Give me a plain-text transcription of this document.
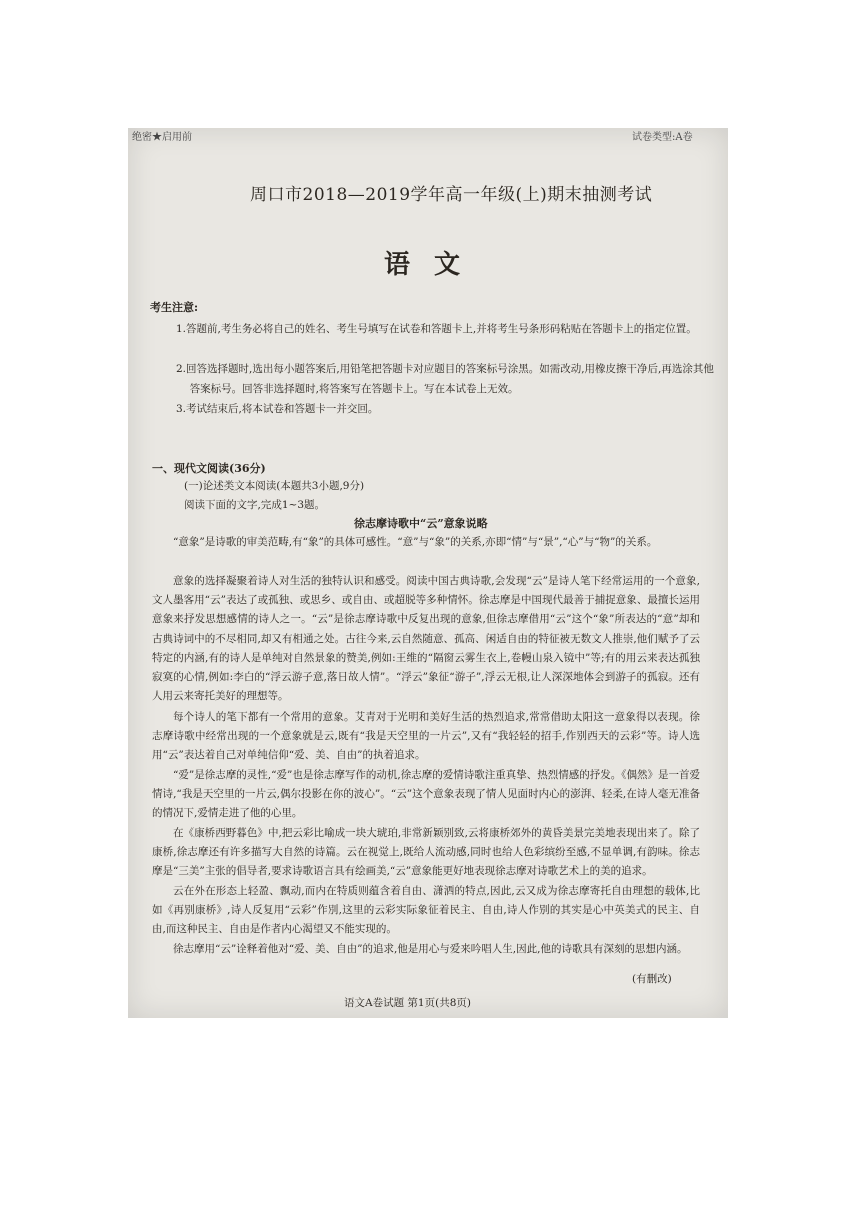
绝密★启用前	试卷类型:A卷
周口市2018—2019学年高一年级(上)期末抽测考试
语文
考生注意:
1.答题前,考生务必将自己的姓名、考生号填写在试卷和答题卡上,并将考生号条形码粘贴在答题卡上的指定位置。
2.回答选择题时,选出每小题答案后,用铅笔把答题卡对应题目的答案标号涂黑。如需改动,用橡皮擦干净后,再选涂其他答案标号。回答非选择题时,将答案写在答题卡上。写在本试卷上无效。
3.考试结束后,将本试卷和答题卡一并交回。
一、现代文阅读(36分)
(一)论述类文本阅读(本题共3小题,9分)
阅读下面的文字,完成1~3题。
徐志摩诗歌中“云”意象说略
“意象”是诗歌的审美范畴,有“象”的具体可感性。“意”与“象”的关系,亦即“情”与“景”,“心”与“物”的关系。
意象的选择凝聚着诗人对生活的独特认识和感受。阅读中国古典诗歌,会发现“云”是诗人笔下经常运用的一个意象,文人墨客用“云”表达了或孤独、或思乡、或自由、或超脱等多种情怀。徐志摩是中国现代最善于捕捉意象、最擅长运用意象来抒发思想感情的诗人之一。“云”是徐志摩诗歌中反复出现的意象,但徐志摩借用“云”这个“象”所表达的“意”却和古典诗词中的不尽相同,却又有相通之处。古往今来,云自然随意、孤高、闲适自由的特征被无数文人推崇,他们赋予了云特定的内涵,有的诗人是单纯对自然景象的赞美,例如:王维的“隔窗云雾生衣上,卷幔山泉入镜中”等;有的用云来表达孤独寂寞的心情,例如:李白的“浮云游子意,落日故人情”。“浮云”象征“游子”,浮云无根,让人深深地体会到游子的孤寂。还有人用云来寄托美好的理想等。
每个诗人的笔下都有一个常用的意象。艾青对于光明和美好生活的热烈追求,常常借助太阳这一意象得以表现。徐志摩诗歌中经常出现的一个意象就是云,既有“我是天空里的一片云”,又有“我轻轻的招手,作别西天的云彩”等。诗人选用“云”表达着自己对单纯信仰“爱、美、自由”的执着追求。
“爱”是徐志摩的灵性,“爱”也是徐志摩写作的动机,徐志摩的爱情诗歌注重真挚、热烈情感的抒发。《偶然》是一首爱情诗,“我是天空里的一片云,偶尔投影在你的波心”。“云”这个意象表现了情人见面时内心的澎湃、轻柔,在诗人毫无准备的情况下,爱情走进了他的心里。
在《康桥西野暮色》中,把云彩比喻成一块大琥珀,非常新颖别致,云将康桥郊外的黄昏美景完美地表现出来了。除了康桥,徐志摩还有许多描写大自然的诗篇。云在视觉上,既给人流动感,同时也给人色彩缤纷至感,不显单调,有韵味。徐志摩是“三美”主张的倡导者,要求诗歌语言具有绘画美,“云”意象能更好地表现徐志摩对诗歌艺术上的美的追求。
云在外在形态上轻盈、飘动,而内在特质则蕴含着自由、潇洒的特点,因此,云又成为徐志摩寄托自由理想的载体,比如《再别康桥》,诗人反复用“云彩”作別,这里的云彩实际象征着民主、自由,诗人作别的其实是心中英美式的民主、自由,而这种民主、自由是作者内心渴望又不能实现的。
徐志摩用“云”诠释着他对“爱、美、自由”的追求,他是用心与爱来吟唱人生,因此,他的诗歌具有深刻的思想内涵。
(有删改)
语文A卷试题 第1页(共8页)
